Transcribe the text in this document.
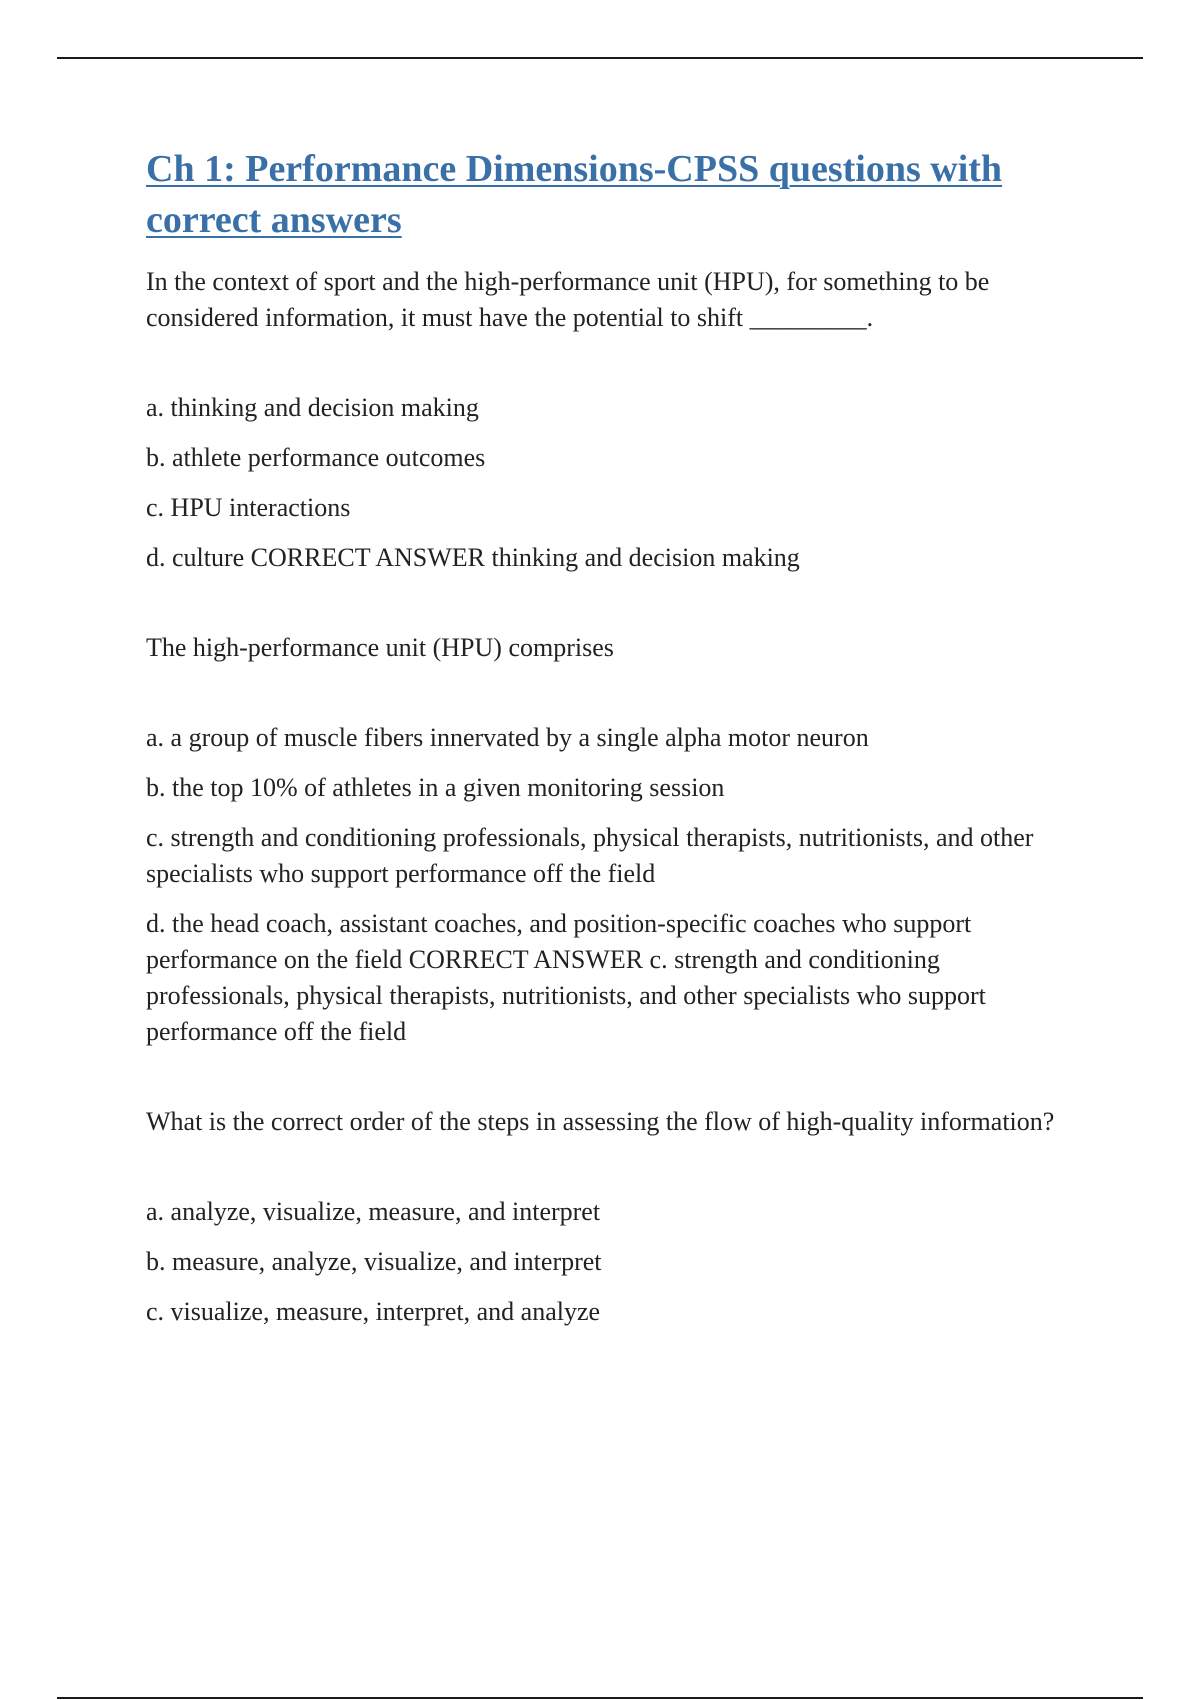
Ch 1: Performance Dimensions-CPSS questions with correct answers

In the context of sport and the high-performance unit (HPU), for something to be considered information, it must have the potential to shift _________.

a. thinking and decision making
b. athlete performance outcomes
c. HPU interactions
d. culture CORRECT ANSWER thinking and decision making

The high-performance unit (HPU) comprises

a. a group of muscle fibers innervated by a single alpha motor neuron
b. the top 10% of athletes in a given monitoring session
c. strength and conditioning professionals, physical therapists, nutritionists, and other specialists who support performance off the field
d. the head coach, assistant coaches, and position-specific coaches who support performance on the field CORRECT ANSWER c. strength and conditioning professionals, physical therapists, nutritionists, and other specialists who support performance off the field

What is the correct order of the steps in assessing the flow of high-quality information?

a. analyze, visualize, measure, and interpret
b. measure, analyze, visualize, and interpret
c. visualize, measure, interpret, and analyze
